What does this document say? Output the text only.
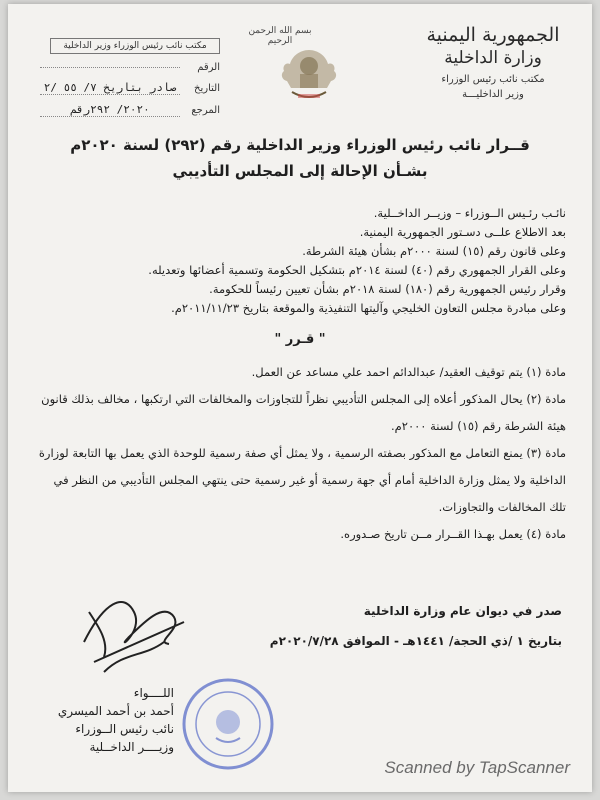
الجمهورية اليمنية
وزارة الداخلية
مكتب نائب رئيس الوزراء
وزير الداخليـــة
بسم الله الرحمن الرحيم
مكتب نائب رئيس الوزراء وزير الداخلية
الرقم
التاريخ
صادر بتاريخ ٧/ ٥٥ /٢
المرجع
٢٠٢٠/ ٢٩٢رقم
قــرار نائب رئيس الوزراء وزير الداخلية رقم (٢٩٢) لسنة ٢٠٢٠م
بشـأن الإحالة إلى المجلس التأديبي

نائـب رئـيس الــوزراء – وزيــر الداخــلية.

بعد الاطلاع علــى دسـتور الجمهورية اليمنية.

وعلى قانون رقم (١٥) لسنة ٢٠٠٠م بشأن هيئة الشرطة.

وعلى القرار الجمهوري رقم (٤٠) لسنة ٢٠١٤م بتشكيل الحكومة وتسمية أعضائها وتعديله.

وقرار رئيس الجمهورية رقم (١٨٠) لسنة ٢٠١٨م بشأن تعيين رئيساً للحكومة.

وعلى مبادرة مجلس التعاون الخليجي وآليتها التنفيذية والموقعة بتاريخ ٢٠١١/١١/٢٣م.

" قـرر "

مادة (١) يتم توقيف العقيد/ عبدالدائم احمد علي مساعد عن العمل.

مادة (٢) يحال المذكور أعلاه إلى المجلس التأديبي نظراً للتجاوزات والمخالفات التي ارتكبها ، مخالف بذلك قانون هيئة الشرطة رقم (١٥) لسنة ٢٠٠٠م.

مادة (٣) يمنع التعامل مع المذكور بصفته الرسمية ، ولا يمثل أي صفة رسمية للوحدة الذي يعمل بها التابعة لوزارة الداخلية ولا يمثل وزارة الداخلية أمام أي جهة رسمية أو غير رسمية حتى ينتهي المجلس التأديبي من النظر في تلك المخالفات والتجاوزات.

مادة (٤) يعمل بهـذا القــرار مــن تاريخ صـدوره.

صدر في ديوان عام وزارة الداخلية
بتاريخ ١ /ذي الحجة/ ١٤٤١هـ - الموافق ٢٠٢٠/٧/٢٨م
اللــــواء
أحمد بن أحمد الميسري
نائب رئيس الــوزراء
وزيــــر الداخــلية
Scanned by TapScanner
